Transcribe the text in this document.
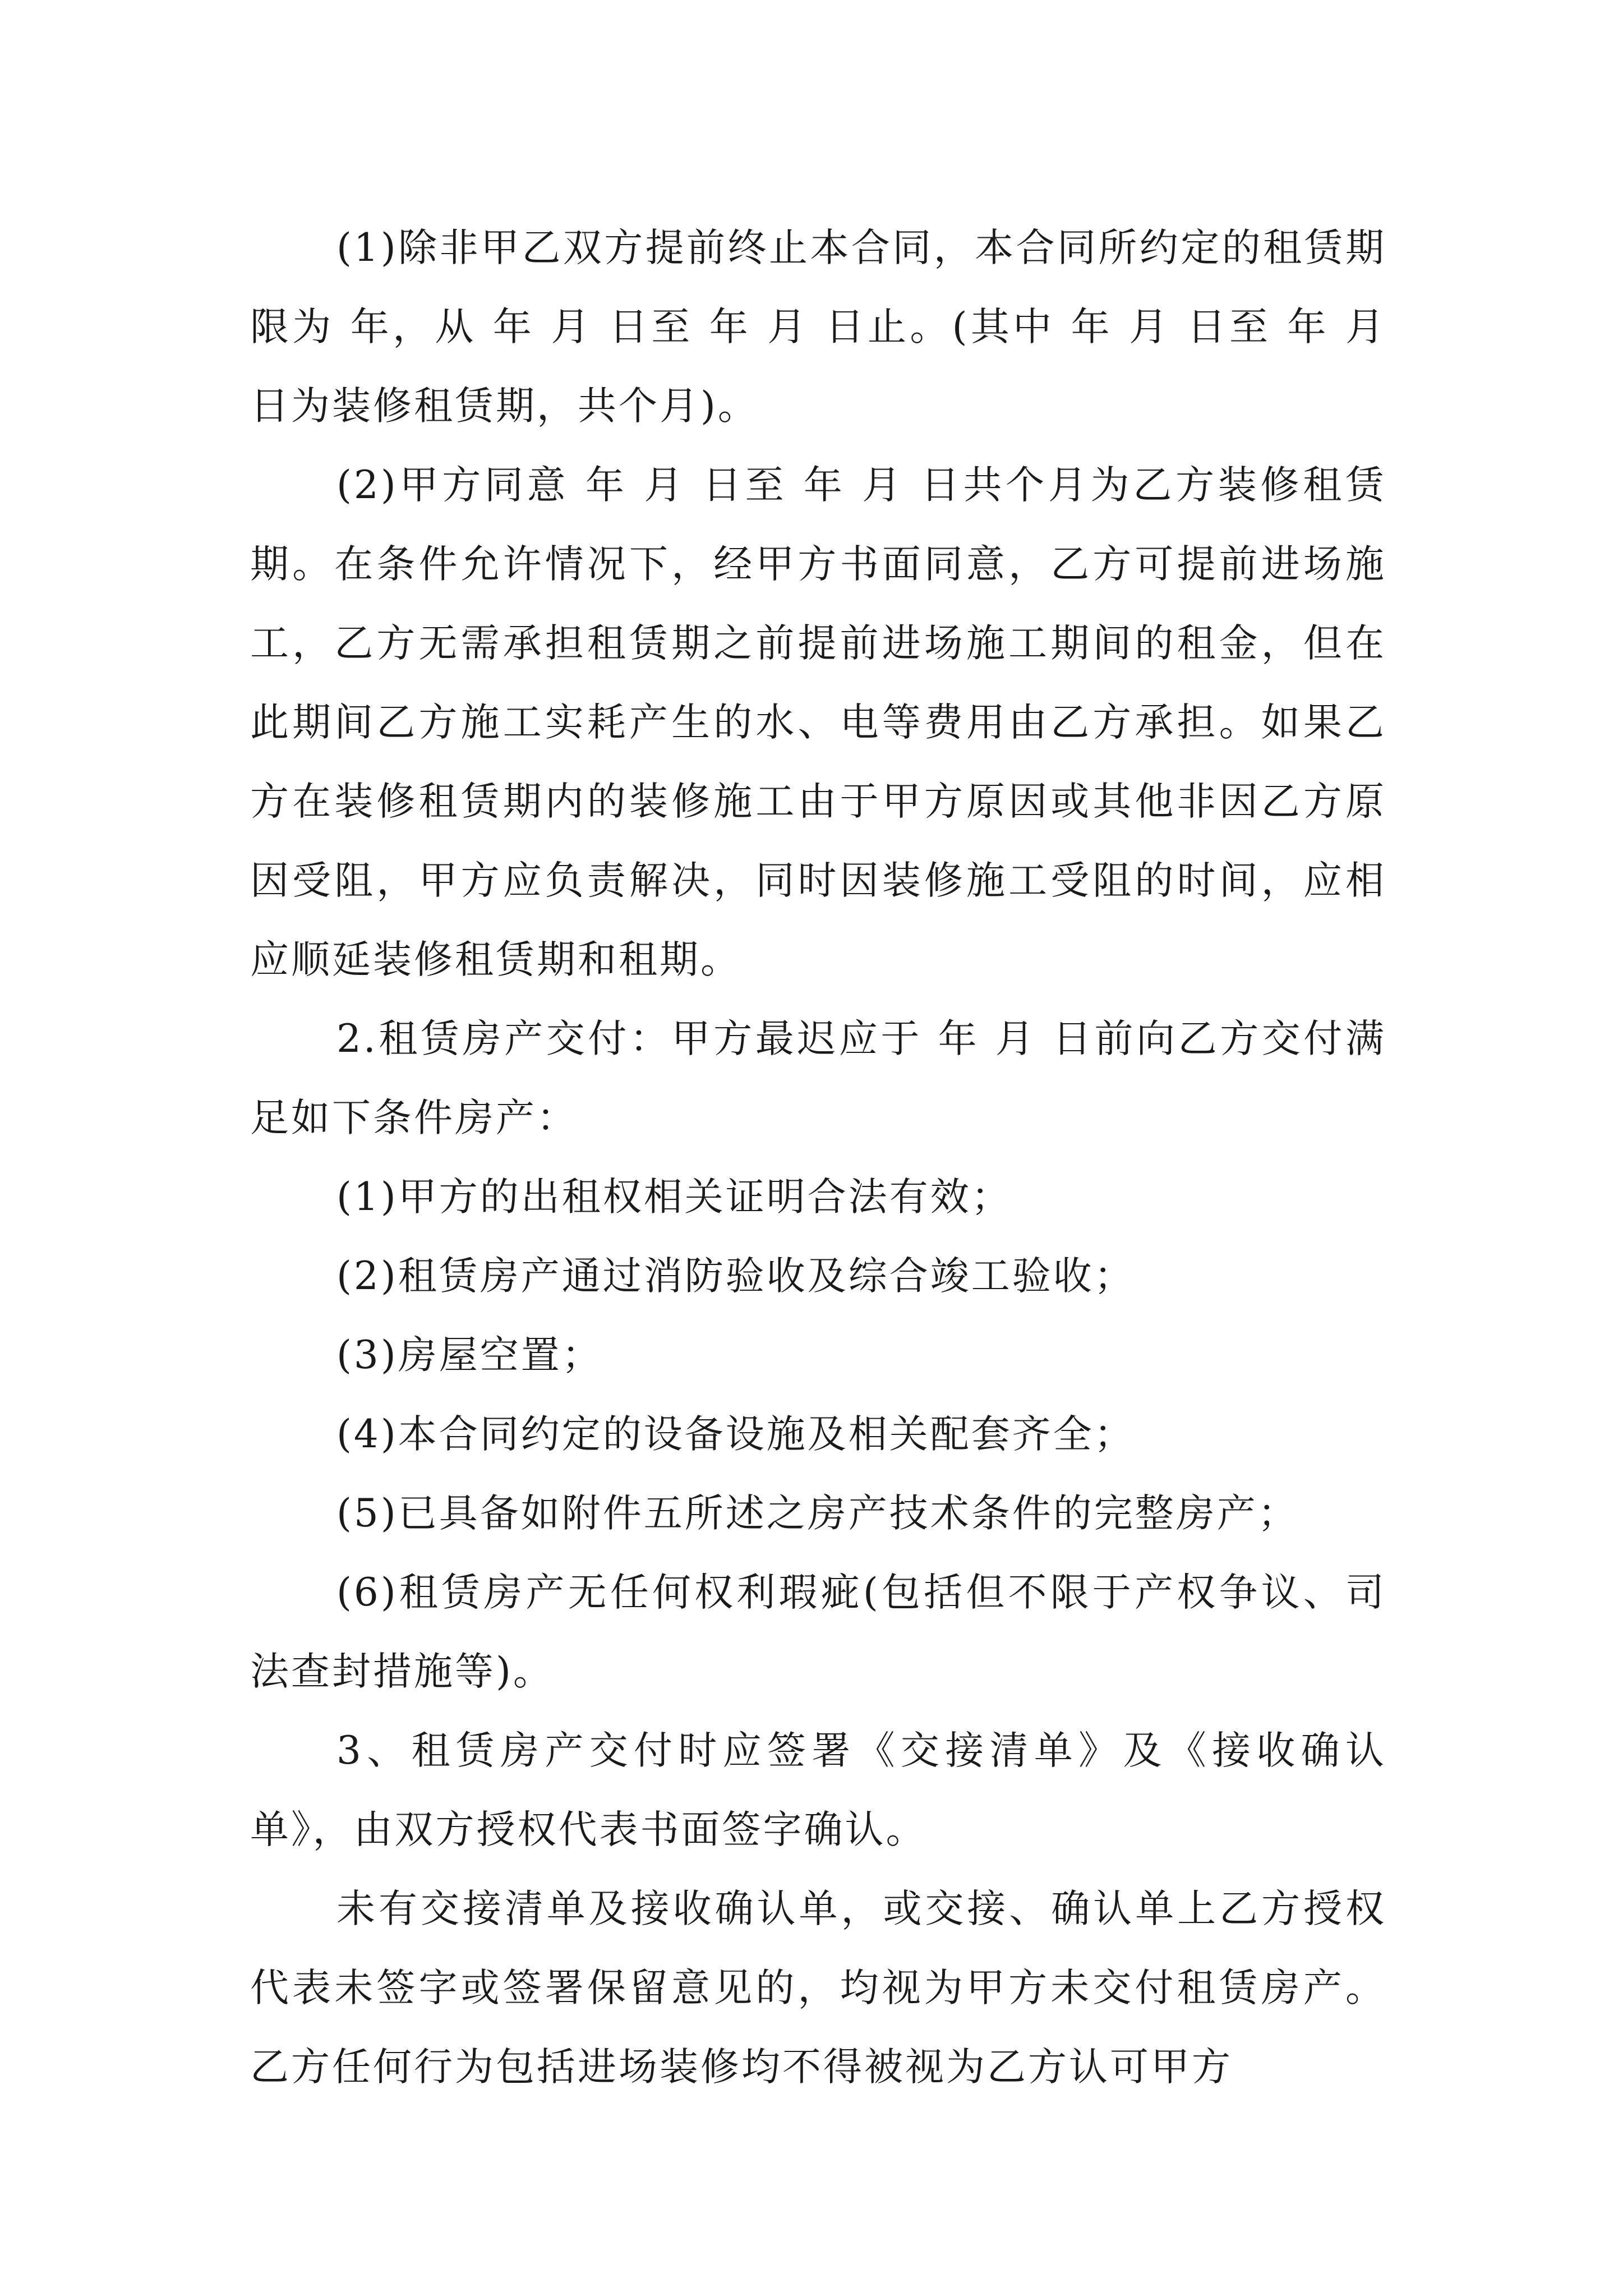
(1)除非甲乙双方提前终止本合同，本合同所约定的租赁期限为 年，从 年 月 日至 年 月 日止。(其中 年 月 日至 年 月 日为装修租赁期，共个月)。

(2)甲方同意 年 月 日至 年 月 日共个月为乙方装修租赁期。在条件允许情况下，经甲方书面同意，乙方可提前进场施工，乙方无需承担租赁期之前提前进场施工期间的租金，但在此期间乙方施工实耗产生的水、电等费用由乙方承担。如果乙方在装修租赁期内的装修施工由于甲方原因或其他非因乙方原因受阻，甲方应负责解决，同时因装修施工受阻的时间，应相应顺延装修租赁期和租期。

2.租赁房产交付：甲方最迟应于 年 月 日前向乙方交付满足如下条件房产：

(1)甲方的出租权相关证明合法有效；

(2)租赁房产通过消防验收及综合竣工验收；

(3)房屋空置；

(4)本合同约定的设备设施及相关配套齐全；

(5)已具备如附件五所述之房产技术条件的完整房产；

(6)租赁房产无任何权利瑕疵(包括但不限于产权争议、司法查封措施等)。

3、租赁房产交付时应签署《交接清单》及《接收确认单》，由双方授权代表书面签字确认。

未有交接清单及接收确认单，或交接、确认单上乙方授权代表未签字或签署保留意见的，均视为甲方未交付租赁房产。乙方任何行为包括进场装修均不得被视为乙方认可甲方
